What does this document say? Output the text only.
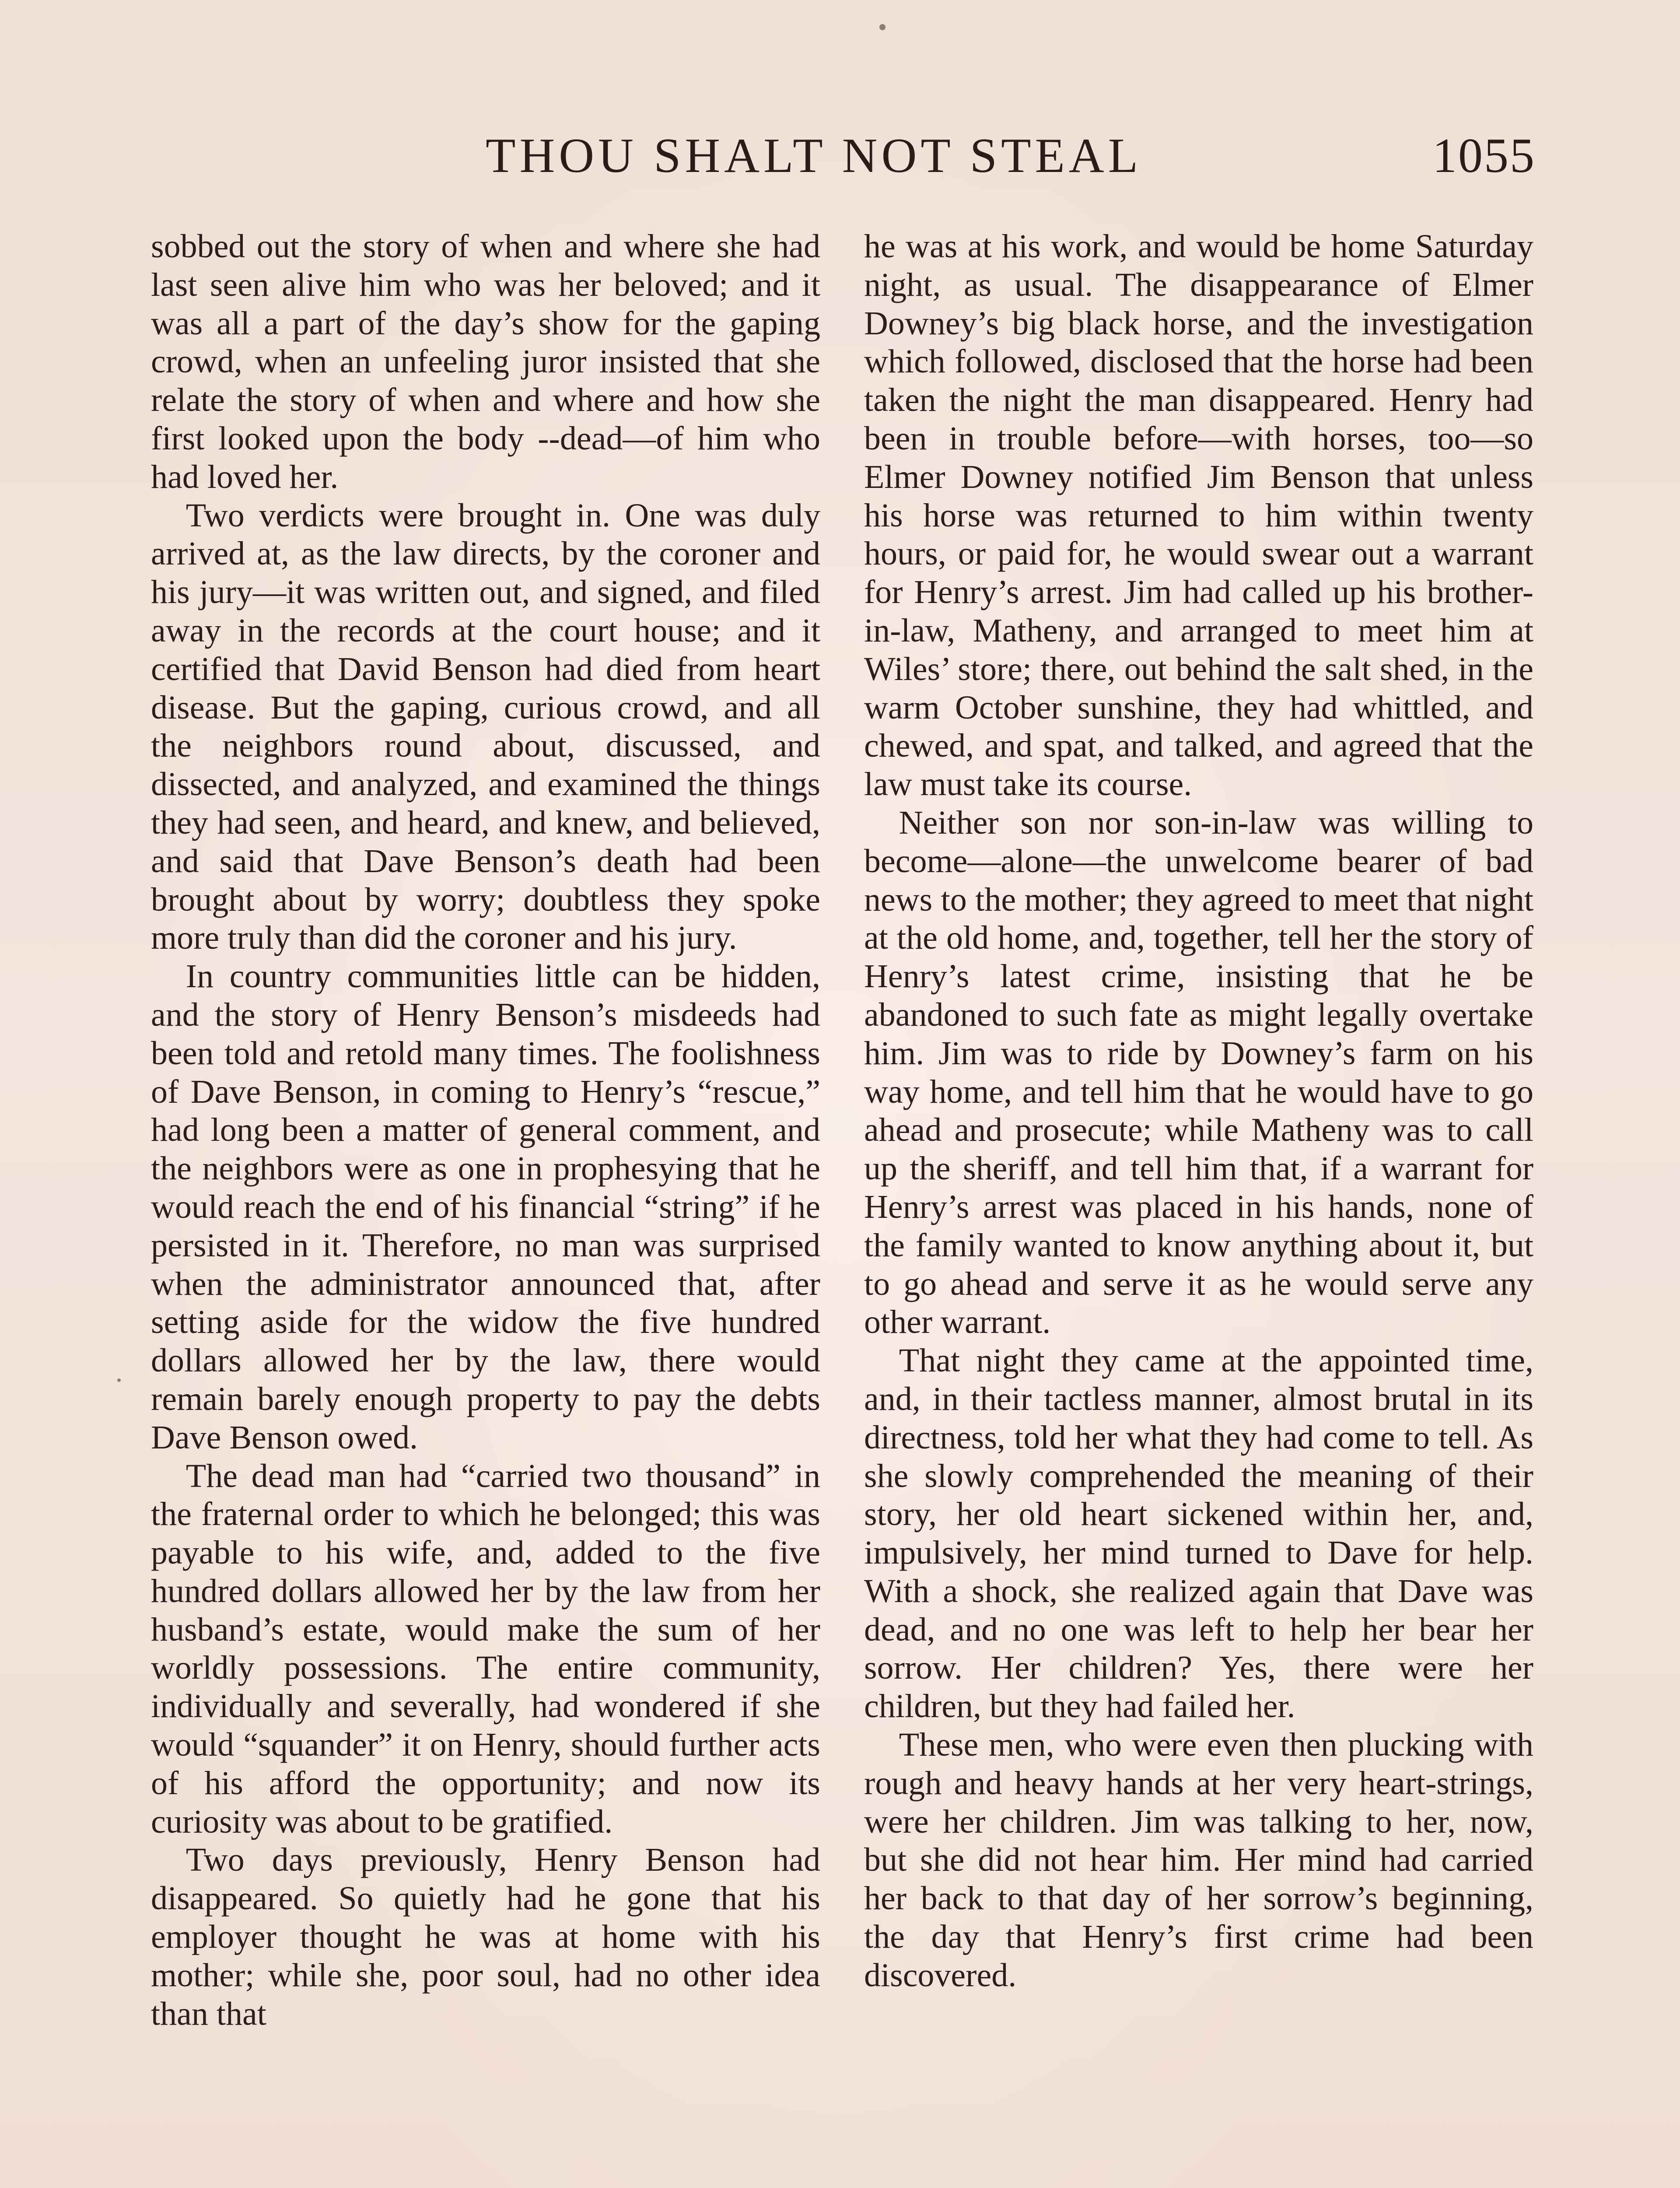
THOU SHALT NOT STEAL	1055

sobbed out the story of when and where she had last seen alive him who was her beloved; and it was all a part of the day’s show for the gaping crowd, when an unfeeling juror insisted that she relate the story of when and where and how she first looked upon the body --dead—of him who had loved her.

Two verdicts were brought in. One was duly arrived at, as the law directs, by the coroner and his jury—it was written out, and signed, and filed away in the records at the court house; and it certified that David Benson had died from heart disease. But the gaping, curious crowd, and all the neighbors round about, discussed, and dissected, and analyzed, and examined the things they had seen, and heard, and knew, and believed, and said that Dave Benson’s death had been brought about by worry; doubtless they spoke more truly than did the coroner and his jury.

In country communities little can be hidden, and the story of Henry Benson’s misdeeds had been told and retold many times. The foolishness of Dave Benson, in coming to Henry’s “rescue,” had long been a matter of general comment, and the neighbors were as one in prophesying that he would reach the end of his financial “string” if he persisted in it. Therefore, no man was surprised when the administrator announced that, after setting aside for the widow the five hundred dollars allowed her by the law, there would remain barely enough property to pay the debts Dave Benson owed.

The dead man had “carried two thousand” in the fraternal order to which he belonged; this was payable to his wife, and, added to the five hundred dollars allowed her by the law from her husband’s estate, would make the sum of her worldly possessions. The entire community, individually and severally, had wondered if she would “squander” it on Henry, should further acts of his afford the opportunity; and now its curiosity was about to be gratified.

Two days previously, Henry Benson had disappeared. So quietly had he gone that his employer thought he was at home with his mother; while she, poor soul, had no other idea than that

he was at his work, and would be home Saturday night, as usual. The disappearance of Elmer Downey’s big black horse, and the investigation which followed, disclosed that the horse had been taken the night the man disappeared. Henry had been in trouble before—with horses, too—so Elmer Downey notified Jim Benson that unless his horse was returned to him within twenty hours, or paid for, he would swear out a warrant for Henry’s arrest. Jim had called up his brother-in-law, Matheny, and arranged to meet him at Wiles’ store; there, out behind the salt shed, in the warm October sunshine, they had whittled, and chewed, and spat, and talked, and agreed that the law must take its course.

Neither son nor son-in-law was willing to become—alone—the unwelcome bearer of bad news to the mother; they agreed to meet that night at the old home, and, together, tell her the story of Henry’s latest crime, insisting that he be abandoned to such fate as might legally overtake him. Jim was to ride by Downey’s farm on his way home, and tell him that he would have to go ahead and prosecute; while Matheny was to call up the sheriff, and tell him that, if a warrant for Henry’s arrest was placed in his hands, none of the family wanted to know anything about it, but to go ahead and serve it as he would serve any other warrant.

That night they came at the appointed time, and, in their tactless manner, almost brutal in its directness, told her what they had come to tell. As she slowly comprehended the meaning of their story, her old heart sickened within her, and, impulsively, her mind turned to Dave for help. With a shock, she realized again that Dave was dead, and no one was left to help her bear her sorrow. Her children? Yes, there were her children, but they had failed her.

These men, who were even then plucking with rough and heavy hands at her very heart-strings, were her children. Jim was talking to her, now, but she did not hear him. Her mind had carried her back to that day of her sorrow’s beginning, the day that Henry’s first crime had been discovered.
